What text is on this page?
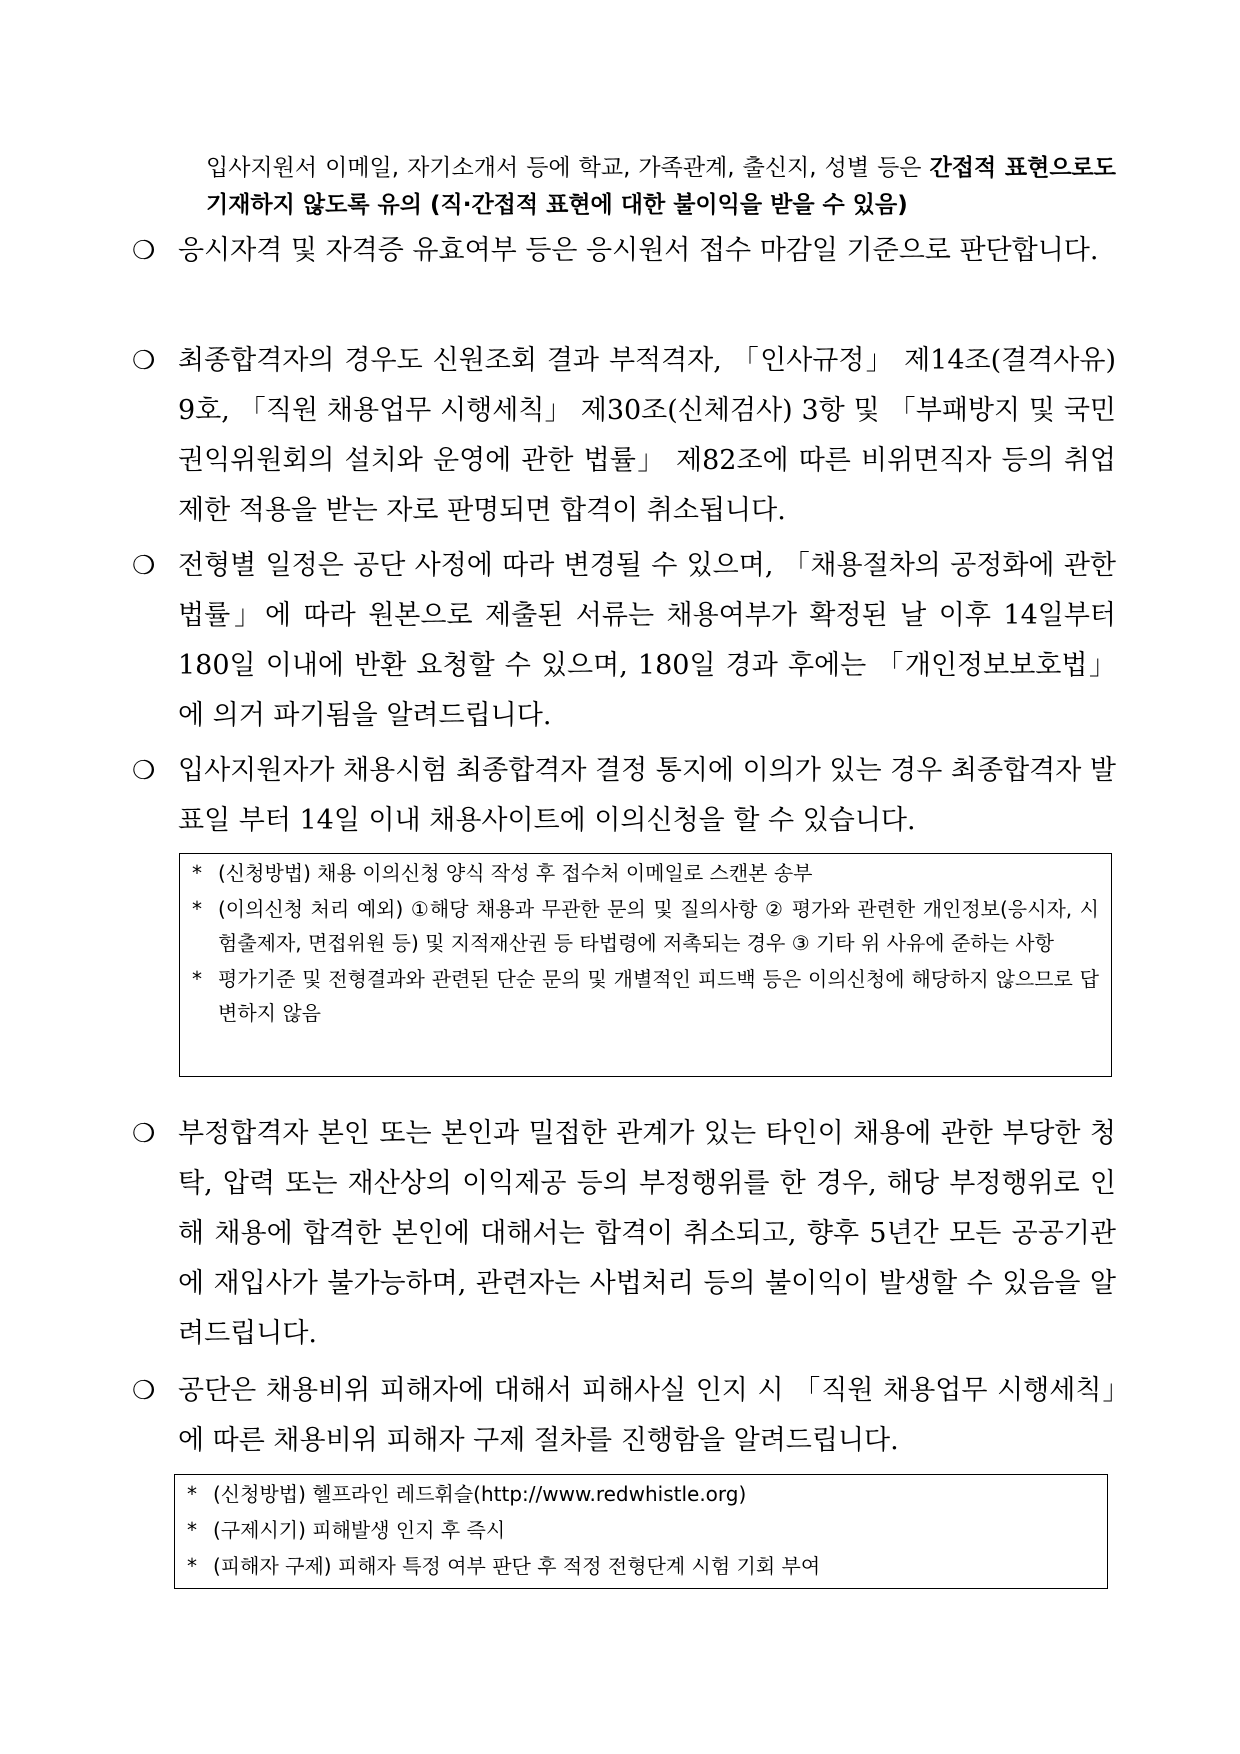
입사지원서 이메일, 자기소개서 등에 학교, 가족관계, 출신지, 성별 등은 간접적 표현으로도 기재하지 않도록 유의 (직·간접적 표현에 대한 불이익을 받을 수 있음)
❍ 응시자격 및 자격증 유효여부 등은 응시원서 접수 마감일 기준으로 판단합니다.
❍ 최종합격자의 경우도 신원조회 결과 부적격자, 「인사규정」 제14조(결격사유) 9호, 「직원 채용업무 시행세칙」 제30조(신체검사) 3항 및 「부패방지 및 국민권익위원회의 설치와 운영에 관한 법률」 제82조에 따른 비위면직자 등의 취업제한 적용을 받는 자로 판명되면 합격이 취소됩니다.
❍ 전형별 일정은 공단 사정에 따라 변경될 수 있으며, 「채용절차의 공정화에 관한 법률」에 따라 원본으로 제출된 서류는 채용여부가 확정된 날 이후 14일부터 180일 이내에 반환 요청할 수 있으며, 180일 경과 후에는 「개인정보보호법」에 의거 파기됨을 알려드립니다.
❍ 입사지원자가 채용시험 최종합격자 결정 통지에 이의가 있는 경우 최종합격자 발표일 부터 14일 이내 채용사이트에 이의신청을 할 수 있습니다.
* (신청방법) 채용 이의신청 양식 작성 후 접수처 이메일로 스캔본 송부
* (이의신청 처리 예외) ①해당 채용과 무관한 문의 및 질의사항 ② 평가와 관련한 개인정보(응시자, 시험출제자, 면접위원 등) 및 지적재산권 등 타법령에 저촉되는 경우 ③ 기타 위 사유에 준하는 사항
* 평가기준 및 전형결과와 관련된 단순 문의 및 개별적인 피드백 등은 이의신청에 해당하지 않으므로 답변하지 않음
❍ 부정합격자 본인 또는 본인과 밀접한 관계가 있는 타인이 채용에 관한 부당한 청탁, 압력 또는 재산상의 이익제공 등의 부정행위를 한 경우, 해당 부정행위로 인해 채용에 합격한 본인에 대해서는 합격이 취소되고, 향후 5년간 모든 공공기관에 재입사가 불가능하며, 관련자는 사법처리 등의 불이익이 발생할 수 있음을 알려드립니다.
❍ 공단은 채용비위 피해자에 대해서 피해사실 인지 시 「직원 채용업무 시행세칙」에 따른 채용비위 피해자 구제 절차를 진행함을 알려드립니다.
* (신청방법) 헬프라인 레드휘슬(http://www.redwhistle.org)
* (구제시기) 피해발생 인지 후 즉시
* (피해자 구제) 피해자 특정 여부 판단 후 적정 전형단계 시험 기회 부여
